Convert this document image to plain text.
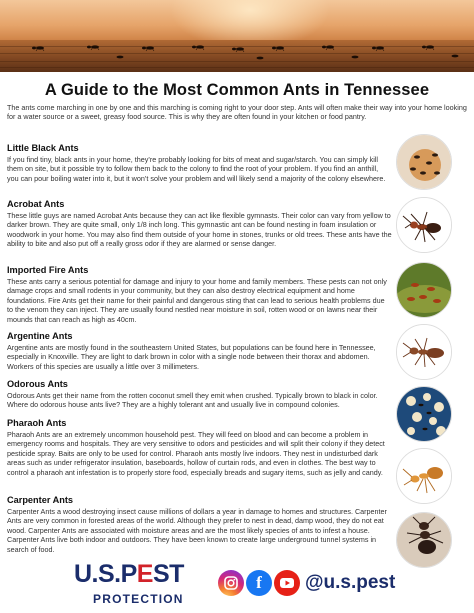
A Guide to the Most Common Ants in Tennessee

The ants come marching in one by one and this marching is coming right to your door step. Ants will often make their way into your home looking for a water source or a sweet, greasy food source. This is why they are often found in your kitchen or food pantry.

Little Black Ants

If you find tiny, black ants in your home, they’re probably looking for bits of meat and sugar/starch. You can simply kill them on site, but it possible try to follow them back to the colony to find the root of your problem. If you find an anthill, you can pour boiling water into it, but it won’t solve your problem and will likely send a majority of the colony elsewhere.

Acrobat Ants

These little guys are named Acrobat Ants because they can act like flexible gymnasts. Their color can vary from yellow to darker brown. They are quite small, only 1/8 inch long. This gymnastic ant can be found nesting in foam insulation or woodwork in your home. You may also find them outside of your home in stones, trunks or old trees. These ants have the ability to bite and also put off a really gross odor if they are alarmed or sense danger.

Imported Fire Ants

These ants carry a serious potential for damage and injury to your home and family members. These pests can not only damage crops and small rodents in your community, but they can also destroy electrical equipment and home foundations. Fire Ants get their name for their painful and dangerous sting that can lead to serious health problems due to the venom they can inject. They are usually found nestled near moisture in soil, rotten wood or on lawns near their mounds that can reach as high as 40cm.

Argentine Ants

Argentine ants are mostly found in the southeastern United States, but populations can be found here in Tennessee, especially in Knoxville. They are light to dark brown in color with a single node between their thorax and abdomen. Workers of this species are usually a little over 3 millimeters.

Odorous Ants

Odorous Ants get their name from the rotten coconut smell they emit when crushed. Typically brown to black in color. Where do odorous house ants live? They are a highly tolerant ant and usually live in compound colonies.

Pharaoh Ants

Pharaoh Ants are an extremely uncommon household pest. They will feed on blood and can become a problem in emergency rooms and hospitals. They are very sensitive to odors and pesticides and will split their colony if they detect pesticide spray. Baits are only to be used for control. Pharaoh ants mostly live indoors. They nest in undisturbed dark areas such as under refrigerator insulation, baseboards, hollow of curtain rods, and even in clothes. The best way to control a pharaoh ant infestation is to properly store food, especially breads and sugary items, such as jelly and candy.

Carpenter Ants

Carpenter Ants a wood destroying insect cause millions of dollars a year in damage to homes and structures. Carpenter Ants are very common in forested areas of the world. Although they prefer to nest in dead, damp wood, they do not eat wood. Carpenter Ants are associated with moisture areas and are the most likely species of ants to infest a house. Carpenter Ants live both indoor and outdoors. They have been known to create large underground tunnel systems in search of food.

U.S.PEST
PROTECTION
f	@u.s.pest
